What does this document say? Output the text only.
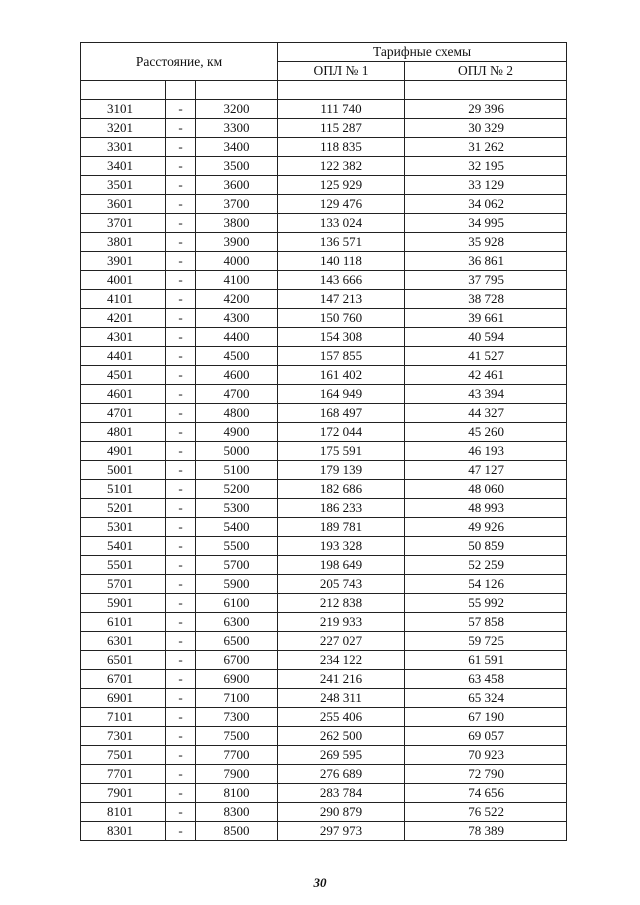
Расстояние, км			Тарифные схемы	
			ОПЛ № 1	ОПЛ № 2

3101	-	3200	111 740	29 396
3201	-	3300	115 287	30 329
3301	-	3400	118 835	31 262
3401	-	3500	122 382	32 195
3501	-	3600	125 929	33 129
3601	-	3700	129 476	34 062
3701	-	3800	133 024	34 995
3801	-	3900	136 571	35 928
3901	-	4000	140 118	36 861
4001	-	4100	143 666	37 795
4101	-	4200	147 213	38 728
4201	-	4300	150 760	39 661
4301	-	4400	154 308	40 594
4401	-	4500	157 855	41 527
4501	-	4600	161 402	42 461
4601	-	4700	164 949	43 394
4701	-	4800	168 497	44 327
4801	-	4900	172 044	45 260
4901	-	5000	175 591	46 193
5001	-	5100	179 139	47 127
5101	-	5200	182 686	48 060
5201	-	5300	186 233	48 993
5301	-	5400	189 781	49 926
5401	-	5500	193 328	50 859
5501	-	5700	198 649	52 259
5701	-	5900	205 743	54 126
5901	-	6100	212 838	55 992
6101	-	6300	219 933	57 858
6301	-	6500	227 027	59 725
6501	-	6700	234 122	61 591
6701	-	6900	241 216	63 458
6901	-	7100	248 311	65 324
7101	-	7300	255 406	67 190
7301	-	7500	262 500	69 057
7501	-	7700	269 595	70 923
7701	-	7900	276 689	72 790
7901	-	8100	283 784	74 656
8101	-	8300	290 879	76 522
8301	-	8500	297 973	78 389
30
